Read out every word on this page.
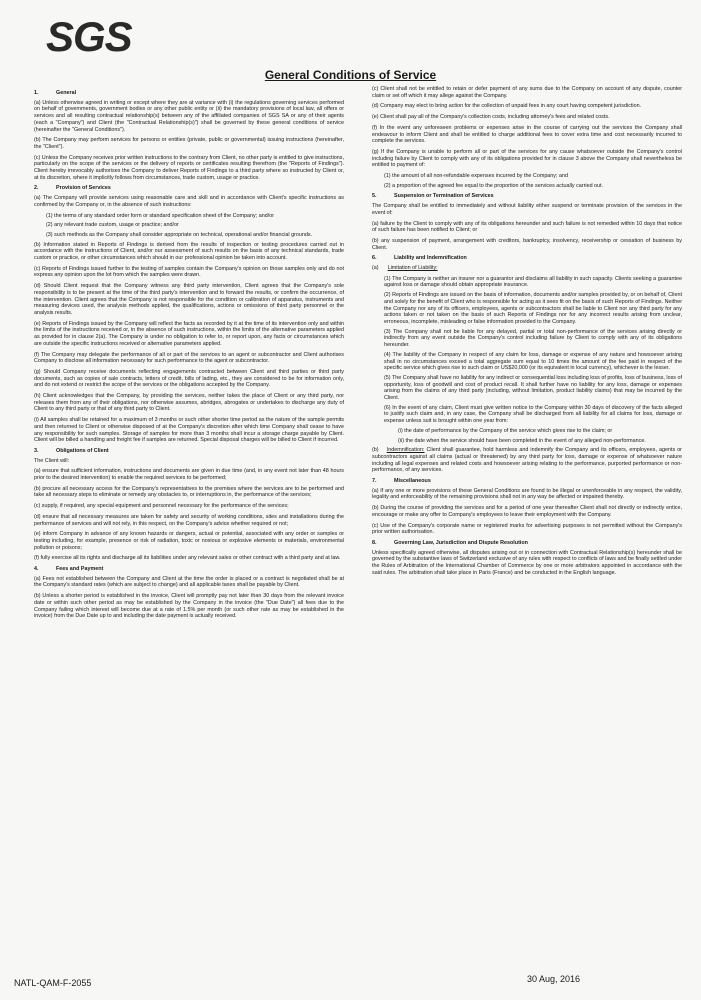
SGS
General Conditions of Service
1.	General

(a) Unless otherwise agreed in writing or except where they are at variance with (i) the regulations governing services performed on behalf of governments, government bodies or any other public entity or (ii) the mandatory provisions of local law, all offers or services and all resulting contractual relationship(s) between any of the affiliated companies of SGS SA or any of their agents (each a "Company") and Client (the "Contractual Relationship(s)") shall be governed by these general conditions of service (hereinafter the "General Conditions").

(b) The Company may perform services for persons or entities (private, public or governmental) issuing instructions (hereinafter, the "Client").

(c) Unless the Company receives prior written instructions to the contrary from Client, no other party is entitled to give instructions, particularly on the scope of the services or the delivery of reports or certificates resulting therefrom (the "Reports of Findings"). Client hereby irrevocably authorises the Company to deliver Reports of Findings to a third party where so instructed by Client or, at its discretion, where it implicitly follows from circumstances, trade custom, usage or practice.

2.	Provision of Services

(a) The Company will provide services using reasonable care and skill and in accordance with Client's specific instructions as confirmed by the Company or, in the absence of such instructions:

(1) the terms of any standard order form or standard specification sheet of the Company; and/or
(2) any relevant trade custom, usage or practice; and/or
(3) such methods as the Company shall consider appropriate on technical, operational and/or financial grounds.

(b) Information stated in Reports of Findings is derived from the results of inspection or testing procedures carried out in accordance with the instructions of Client, and/or our assessment of such results on the basis of any technical standards, trade custom or practice, or other circumstances which should in our professional opinion be taken into account.

(c) Reports of Findings issued further to the testing of samples contain the Company's opinion on those samples only and do not express any opinion upon the lot from which the samples were drawn.

(d) Should Client request that the Company witness any third party intervention, Client agrees that the Company's sole responsibility is to be present at the time of the third party's intervention and to forward the results, or confirm the occurrence, of the intervention. Client agrees that the Company is not responsible for the condition or calibration of apparatus, instruments and measuring devices used, the analysis methods applied, the qualifications, actions or omissions of third party personnel or the analysis results.

(e) Reports of Findings issued by the Company will reflect the facts as recorded by it at the time of its intervention only and within the limits of the instructions received or, in the absence of such instructions, within the limits of the alternative parameters applied as provided for in clause 2(a). The Company is under no obligation to refer to, or report upon, any facts or circumstances which are outside the specific instructions received or alternative parameters applied.

(f) The Company may delegate the performance of all or part of the services to an agent or subcontractor and Client authorises Company to disclose all information necessary for such performance to the agent or subcontractor.

(g) Should Company receive documents reflecting engagements contracted between Client and third parties or third party documents, such as copies of sale contracts, letters of credit, bills of lading, etc., they are considered to be for information only, and do not extend or restrict the scope of the services or the obligations accepted by the Company.

(h) Client acknowledges that the Company, by providing the services, neither takes the place of Client or any third party, nor releases them from any of their obligations, nor otherwise assumes, abridges, abrogates or undertakes to discharge any duty of Client to any third party or that of any third party to Client.

(i) All samples shall be retained for a maximum of 3 months or such other shorter time period as the nature of the sample permits and then returned to Client or otherwise disposed of at the Company's discretion after which time Company shall cease to have any responsibility for such samples. Storage of samples for more than 3 months shall incur a storage charge payable by Client. Client will be billed a handling and freight fee if samples are returned. Special disposal charges will be billed to Client if incurred.

3.	Obligations of Client

The Client will:

(a) ensure that sufficient information, instructions and documents are given in due time (and, in any event not later than 48 hours prior to the desired intervention) to enable the required services to be performed;

(b) procure all necessary access for the Company's representatives to the premises where the services are to be performed and take all necessary steps to eliminate or remedy any obstacles to, or interruptions in, the performance of the services;

(c) supply, if required, any special equipment and personnel necessary for the performance of the services;

(d) ensure that all necessary measures are taken for safety and security of working conditions, sites and installations during the performance of services and will not rely, in this respect, on the Company's advice whether required or not;

(e) inform Company in advance of any known hazards or dangers, actual or potential, associated with any order or samples or testing including, for example, presence or risk of radiation, toxic or noxious or explosive elements or materials, environmental pollution or poisons;

(f) fully exercise all its rights and discharge all its liabilities under any relevant sales or other contract with a third party and at law.

4.	Fees and Payment

(a) Fees not established between the Company and Client at the time the order is placed or a contract is negotiated shall be at the Company's standard rates (which are subject to change) and all applicable taxes shall be payable by Client.

(b) Unless a shorter period is established in the invoice, Client will promptly pay not later than 30 days from the relevant invoice date or within such other period as may be established by the Company in the invoice (the "Due Date") all fees due to the Company failing which interest will become due at a rate of 1.5% per month (or such other rate as may be established in the invoice) from the Due Date up to and including the date payment is actually received.

(c) Client shall not be entitled to retain or defer payment of any sums due to the Company on account of any dispute, counter claim or set off which it may allege against the Company.

(d) Company may elect to bring action for the collection of unpaid fees in any court having competent jurisdiction.

(e) Client shall pay all of the Company's collection costs, including attorney's fees and related costs.

(f) In the event any unforeseen problems or expenses arise in the course of carrying out the services the Company shall endeavour to inform Client and shall be entitled to charge additional fees to cover extra time and cost necessarily incurred to complete the services.

(g) If the Company is unable to perform all or part of the services for any cause whatsoever outside the Company's control including failure by Client to comply with any of its obligations provided for in clause 3 above the Company shall nevertheless be entitled to payment of:

(1) the amount of all non-refundable expenses incurred by the Company; and
(2) a proportion of the agreed fee equal to the proportion of the services actually carried out.
5.	Suspension or Termination of Services

The Company shall be entitled to immediately and without liability either suspend or terminate provision of the services in the event of:

(a) failure by the Client to comply with any of its obligations hereunder and such failure is not remedied within 10 days that notice of such failure has been notified to Client; or

(b) any suspension of payment, arrangement with creditors, bankruptcy, insolvency, receivership or cessation of business by Client.

6.	Liability and Indemnification

(a) Limitation of Liability:

(1) The Company is neither an insurer nor a guarantor and disclaims all liability in such capacity. Clients seeking a guarantee against loss or damage should obtain appropriate insurance.
(2) Reports of Findings are issued on the basis of information, documents and/or samples provided by, or on behalf of, Client and solely for the benefit of Client who is responsible for acting as it sees fit on the basis of such Reports of Findings. Neither the Company nor any of its officers, employees, agents or subcontractors shall be liable to Client nor any third party for any actions taken or not taken on the basis of such Reports of Findings nor for any incorrect results arising from unclear, erroneous, incomplete, misleading or false information provided to the Company.
(3) The Company shall not be liable for any delayed, partial or total non-performance of the services arising directly or indirectly from any event outside the Company's control including failure by Client to comply with any of its obligations hereunder.
(4) The liability of the Company in respect of any claim for loss, damage or expense of any nature and howsoever arising shall in no circumstances exceed a total aggregate sum equal to 10 times the amount of the fee paid in respect of the specific service which gives rise to such claim or US$20,000 (or its equivalent in local currency), whichever is the lesser.
(5) The Company shall have no liability for any indirect or consequential loss including loss of profits, loss of business, loss of opportunity, loss of goodwill and cost of product recall. It shall further have no liability for any loss, damage or expenses arising from the claims of any third party (including, without limitation, product liability claims) that may be incurred by the Client.
(6) In the event of any claim, Client must give written notice to the Company within 30 days of discovery of the facts alleged to justify such claim and, in any case, the Company shall be discharged from all liability for all claims for loss, damage or expense unless suit is brought within one year from:
(i) the date of performance by the Company of the service which gives rise to the claim; or
(ii) the date when the service should have been completed in the event of any alleged non-performance.

(b) Indemnification: Client shall guarantee, hold harmless and indemnify the Company and its officers, employees, agents or subcontractors against all claims (actual or threatened) by any third party for loss, damage or expense of whatsoever nature including all legal expenses and related costs and howsoever arising relating to the performance, purported performance or non-performance, of any services.

7.	Miscellaneous

(a) If any one or more provisions of these General Conditions are found to be illegal or unenforceable in any respect, the validity, legality and enforceability of the remaining provisions shall not in any way be affected or impaired thereby.

(b) During the course of providing the services and for a period of one year thereafter Client shall not directly or indirectly entice, encourage or make any offer to Company's employees to leave their employment with the Company.

(c) Use of the Company's corporate name or registered marks for advertising purposes is not permitted without the Company's prior written authorisation.

8.	Governing Law, Jurisdiction and Dispute Resolution

Unless specifically agreed otherwise, all disputes arising out or in connection with Contractual Relationship(s) hereunder shall be governed by the substantive laws of Switzerland exclusive of any rules with respect to conflicts of laws and be finally settled under the Rules of Arbitration of the International Chamber of Commerce by one or more arbitrators appointed in accordance with the said rules. The arbitration shall take place in Paris (France) and be conducted in the English language.

NATL-QAM-F-2055	30 Aug, 2016
